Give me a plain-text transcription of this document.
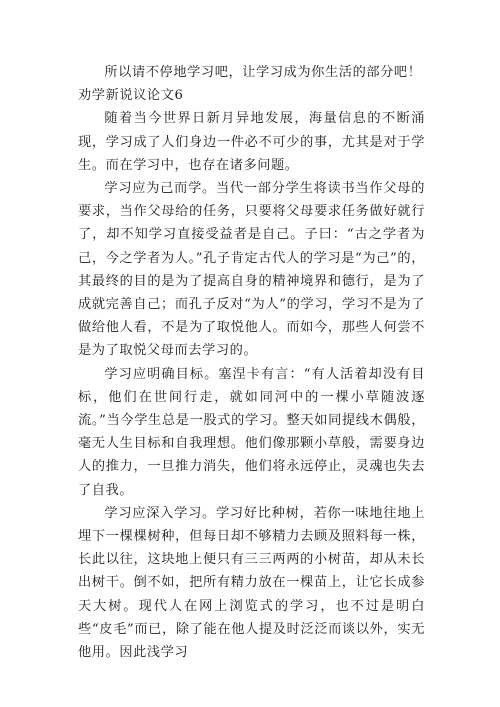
所以请不停地学习吧，让学习成为你生活的部分吧！

劝学新说议论文6

随着当今世界日新月异地发展，海量信息的不断涌现，学习成了人们身边一件必不可少的事，尤其是对于学生。而在学习中，也存在诸多问题。

学习应为己而学。当代一部分学生将读书当作父母的要求，当作父母给的任务，只要将父母要求任务做好就行了，却不知学习直接受益者是自己。子曰：“古之学者为己，今之学者为人。”孔子肯定古代人的学习是“为己”的，其最终的目的是为了提高自身的精神境界和德行，是为了成就完善自己；而孔子反对“为人”的学习，学习不是为了做给他人看，不是为了取悦他人。而如今，那些人何尝不是为了取悦父母而去学习的。

学习应明确目标。塞涅卡有言：“有人活着却没有目标，他们在世间行走，就如同河中的一棵小草随波逐流。”当今学生总是一股式的学习。整天如同提线木偶般，毫无人生目标和自我理想。他们像那颗小草般，需要身边人的推力，一旦推力消失，他们将永远停止，灵魂也失去了自我。

学习应深入学习。学习好比种树，若你一味地往地上埋下一棵棵树种，但每日却不够精力去顾及照料每一株，长此以往，这块地上便只有三三两两的小树苗，却从未长出树干。倒不如，把所有精力放在一棵苗上，让它长成参天大树。现代人在网上浏览式的学习，也不过是明白些“皮毛”而已，除了能在他人提及时泛泛而谈以外，实无他用。因此浅学习
